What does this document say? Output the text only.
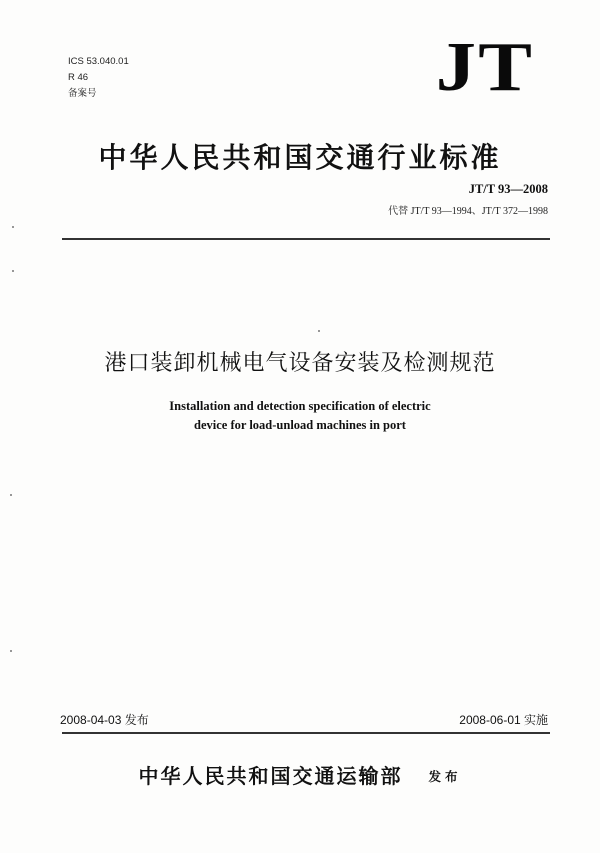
ICS 53.040.01
R 46
备案号	JT
中华人民共和国交通行业标准
JT/T 93—2008
代替 JT/T 93—1994、JT/T 372—1998
港口装卸机械电气设备安装及检测规范
Installation and detection specification of electric
device for load-unload machines in port
2008-04-03 发布	2008-06-01 实施
中华人民共和国交通运输部 发布
